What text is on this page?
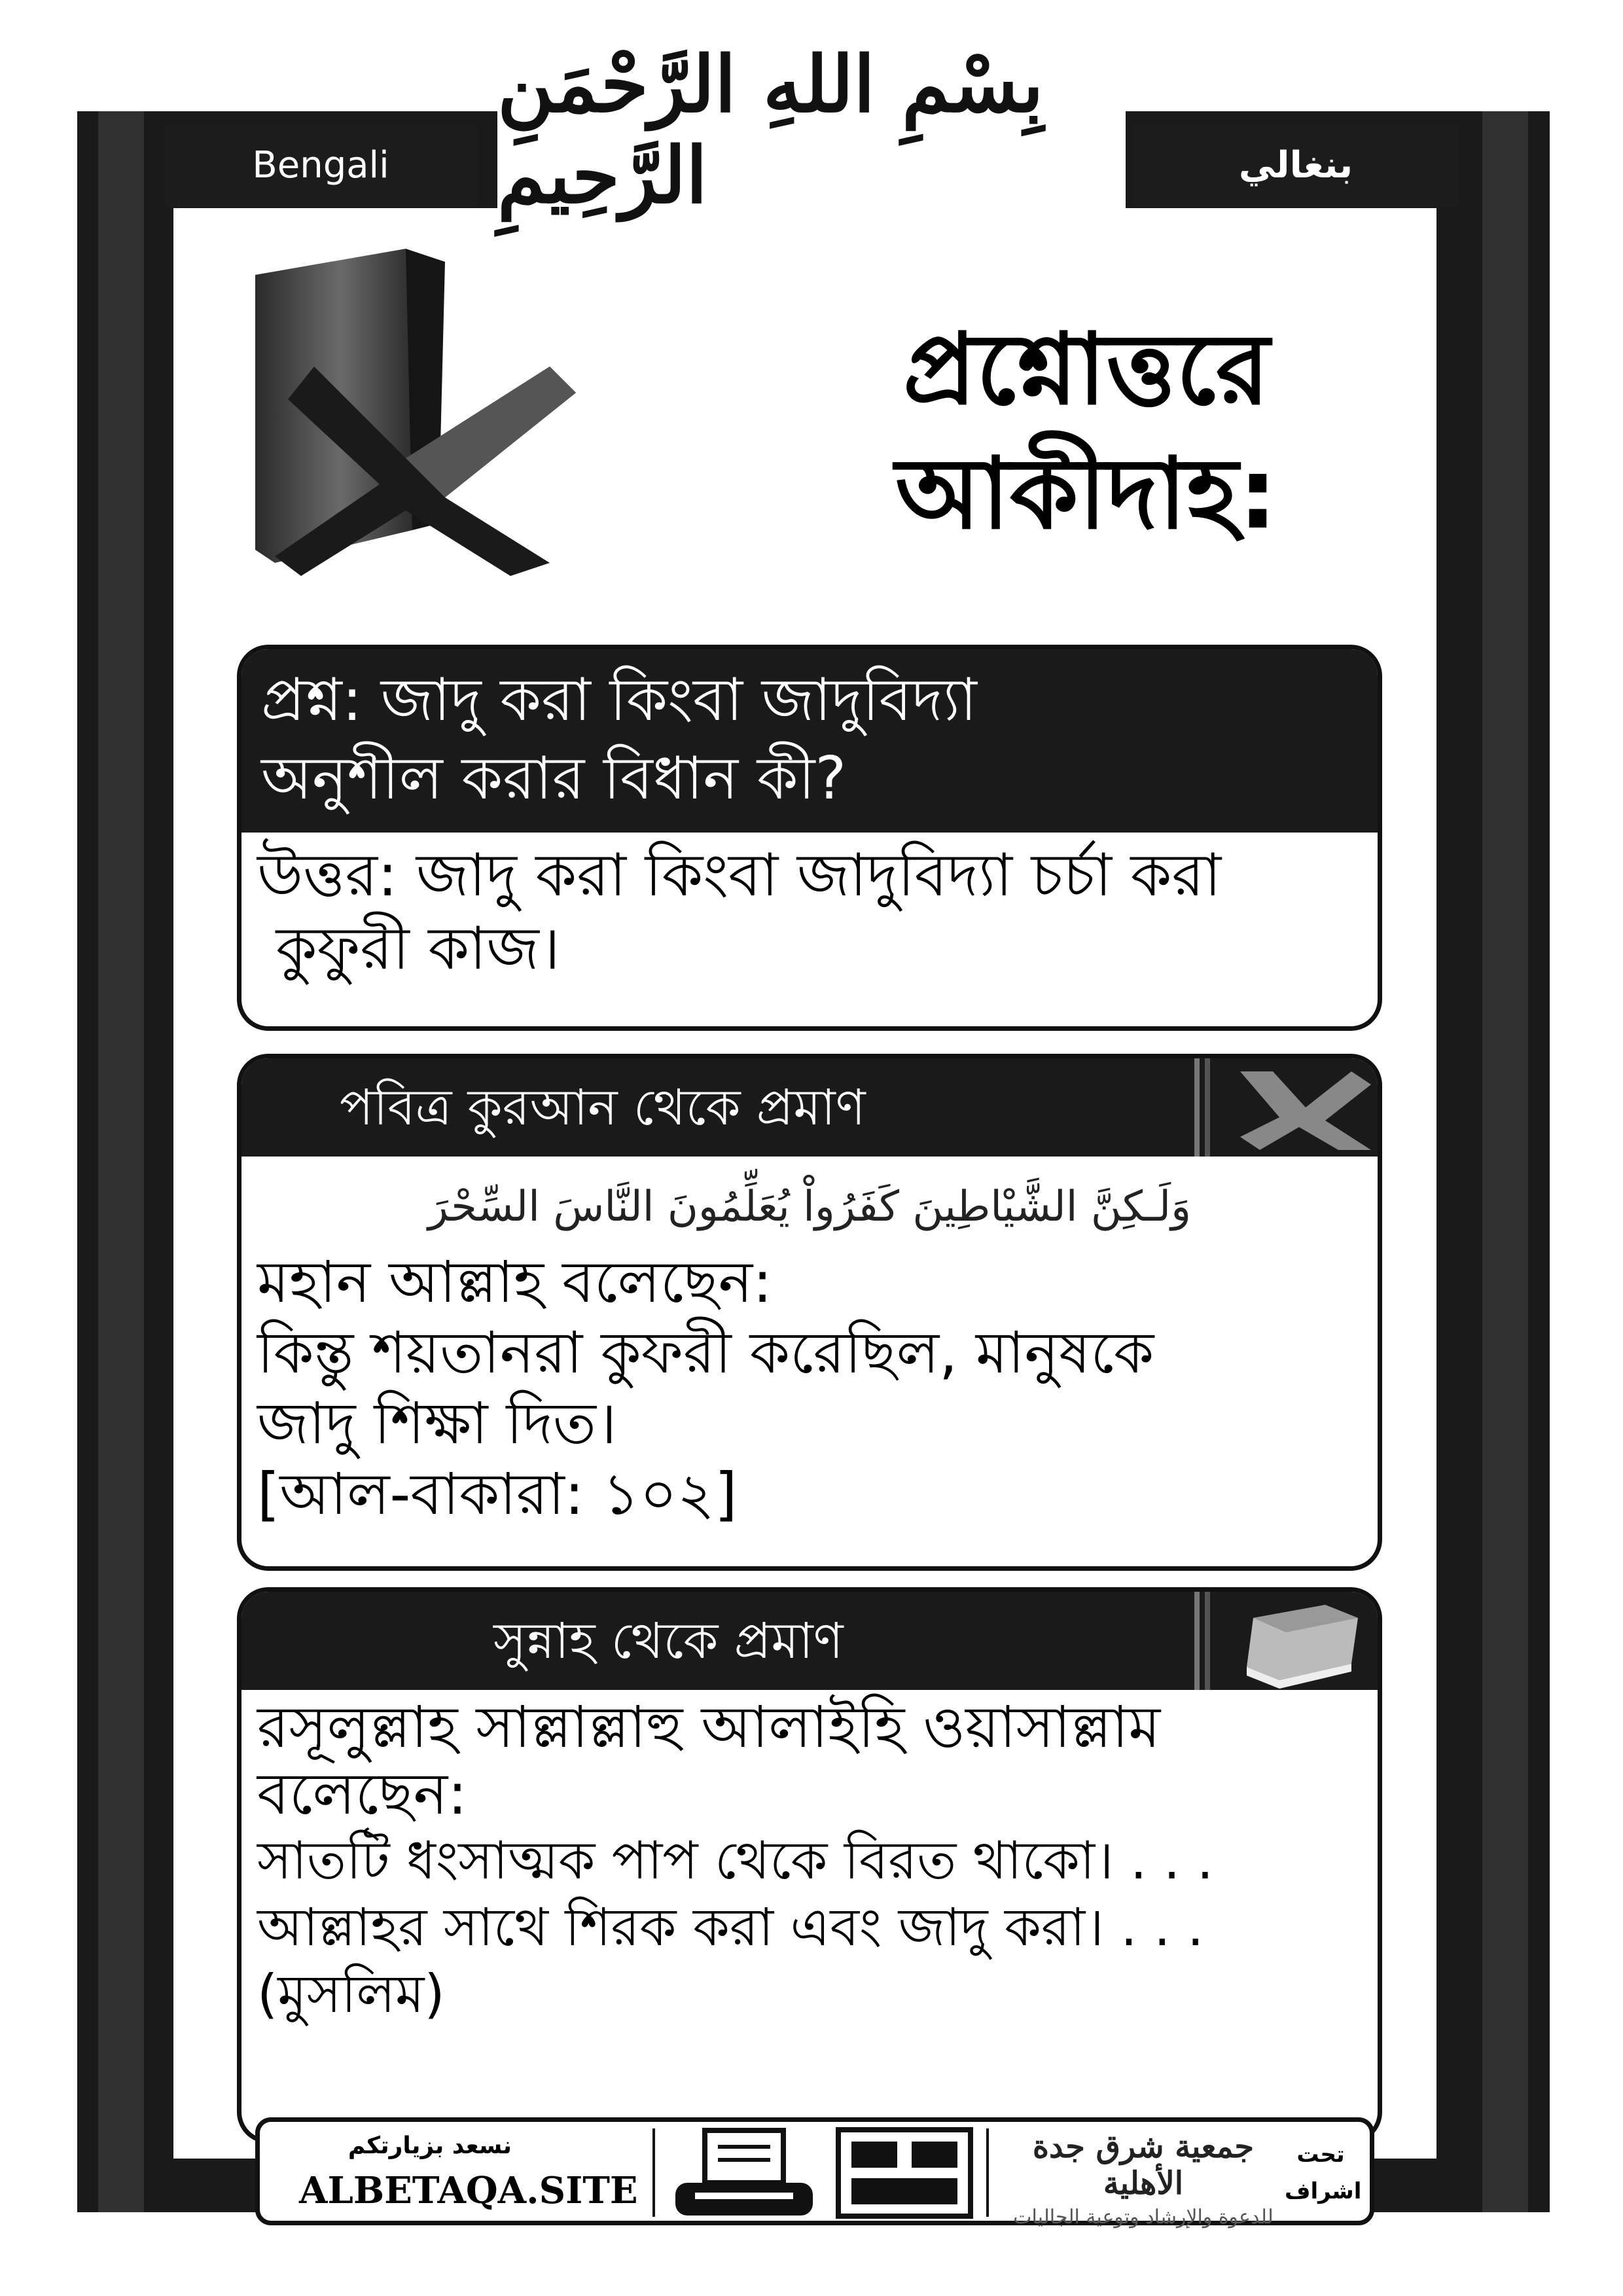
Bengali	بنغالي
بِسْمِ اللهِ الرَّحْمَنِ الرَّحِيمِ
প্রশ্নোত্তরে
আকীদাহ:
প্রশ্ন: জাদু করা কিংবা জাদুবিদ্যা
অনুশীল করার বিধান কী?
উত্তর: জাদু করা কিংবা জাদুবিদ্যা চর্চা করা
কুফুরী কাজ।
পবিত্র কুরআন থেকে প্রমাণ
وَلَـكِنَّ الشَّيْاطِينَ كَفَرُواْ يُعَلِّمُونَ النَّاسَ السِّحْرَ
মহান আল্লাহ বলেছেন:
কিন্তু শয়তানরা কুফরী করেছিল, মানুষকে
জাদু শিক্ষা দিত।
[আল-বাকারা: ১০২]
সুন্নাহ থেকে প্রমাণ
রসূলুল্লাহ সাল্লাল্লাহু আলাইহি ওয়াসাল্লাম
বলেছেন:
সাতটি ধংসাত্মক পাপ থেকে বিরত থাকো। . . .
আল্লাহর সাথে শিরক করা এবং জাদু করা। . . .
(মুসলিম)
نسعد بزيارتكم
ALBETAQA.SITE
جمعية شرق جدة الأهلية
للدعوة والإرشاد وتوعية الجاليات
تحت
اشراف
